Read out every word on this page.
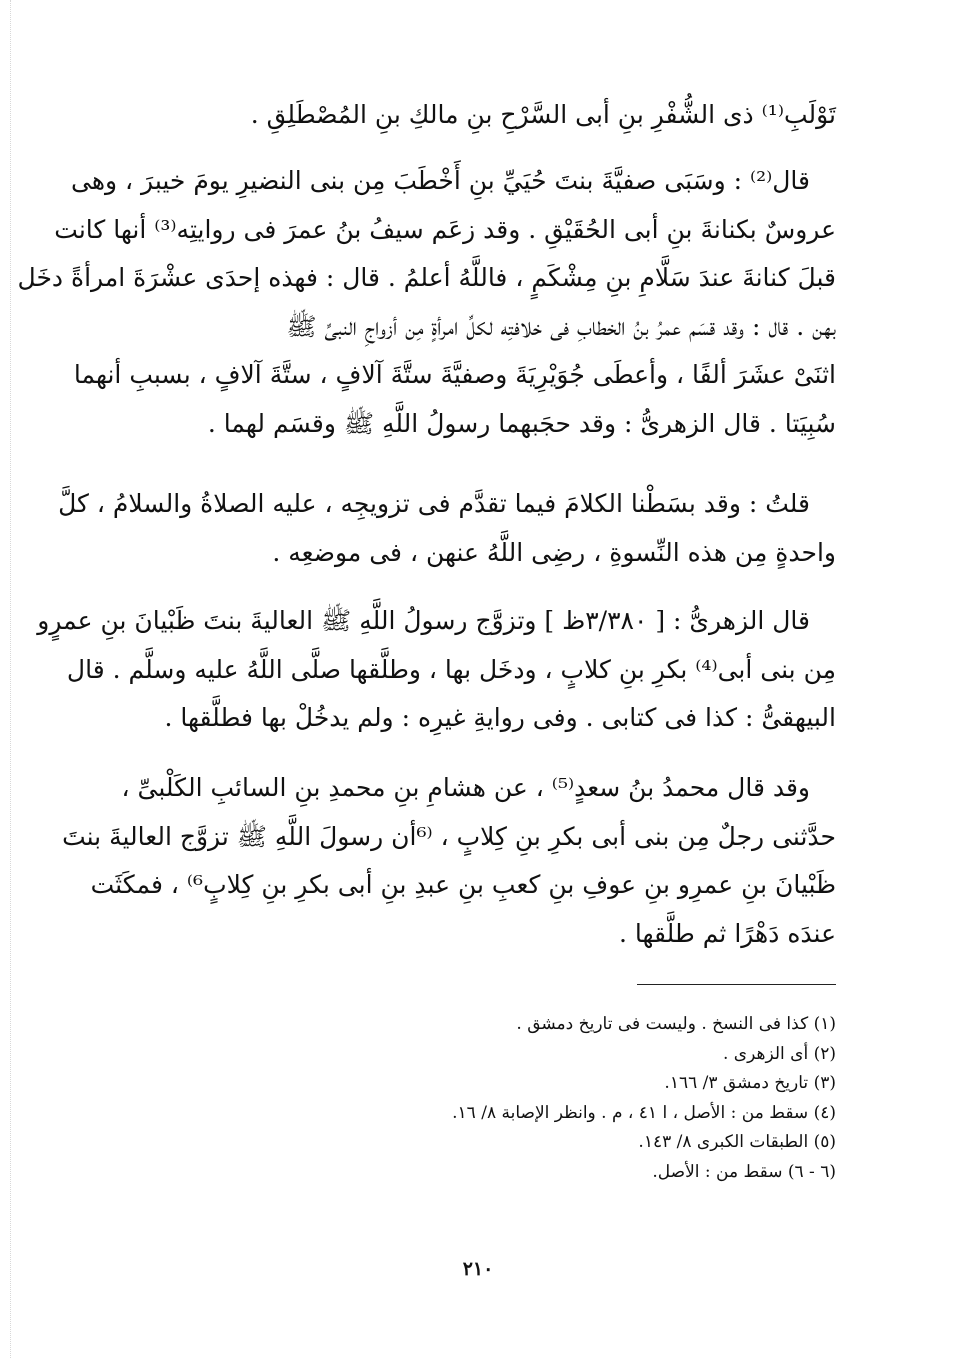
تَوْلَبِ⁽¹⁾ ذى الشُّفْرِ بنِ أبى السَّرْحِ بنِ مالكِ بنِ المُصْطَلِقِ .
قال⁽²⁾ : وسَبَى صفيَّةَ بنتَ حُيَيِّ بنِ أَخْطَبَ مِن بنى النضيرِ يومَ خيبرَ ، وهى
عروسٌ بكنانةَ بنِ أبى الحُقَيْقِ . وقد زعَم سيفُ بنُ عمرَ فى روايتِه⁽³⁾ أنها كانت
قبلَ كنانةَ عندَ سَلَّامِ بنِ مِشْكَمٍ ، فاللَّهُ أعلمُ . قال : فهذه إحدَى عشْرَةَ امرأةً دخَل
بهن . قال : وقد قسَم عمرُ بنُ الخطابِ فى خلافتِه لكلِّ امرأةٍ مِن أزواجِ النبىِّ ﷺ
اثنَىْ عشَرَ ألفًا ، وأعطَى جُوَيْرِيَةَ وصفيَّةَ ستَّةَ آلافٍ ، ستَّةَ آلافٍ ، بسببِ أنهما
سُبِيَتا . قال الزهرىُّ : وقد حجَبهما رسولُ اللَّهِ ﷺ وقسَم لهما .
قلتُ : وقد بسَطْنا الكلامَ فيما تقدَّم فى تزويجِه ، عليه الصلاةُ والسلامُ ، كلَّ
واحدةٍ مِن هذه النِّسوةِ ، رضِى اللَّهُ عنهن ، فى موضعِه .
قال الزهرىُّ : [ ٣/٣٨٠ظ ] وتزوَّج رسولُ اللَّهِ ﷺ العاليةَ بنتَ ظَبْيانَ بنِ عمرٍو
مِن بنى أبى⁽⁴⁾ بكرِ بنِ كلابٍ ، ودخَل بها ، وطلَّقها صلَّى اللَّهُ عليه وسلَّم . قال
البيهقىُّ : كذا فى كتابى . وفى روايةِ غيرِه : ولم يدخُلْ بها فطلَّقها .
وقد قال محمدُ بنُ سعدٍ⁽⁵⁾ ، عن هشامِ بنِ محمدِ بنِ السائبِ الكَلْبىِّ ،
حدَّثنى رجلٌ مِن بنى أبى بكرِ بنِ كِلابٍ ، ⁽⁶أن رسولَ اللَّهِ ﷺ تزوَّج العاليةَ بنتَ
ظَبْيانَ بنِ عمرِو بنِ عوفِ بنِ كعبِ بنِ عبدِ بنِ أبى بكرِ بنِ كِلابٍ⁶⁾ ، فمكَثَت
عندَه دَهْرًا ثم طلَّقها .
(١) كذا فى النسخ . وليست فى تاريخ دمشق .
(٢) أى الزهرى .
(٣) تاريخ دمشق ٣/ ١٦٦.
(٤) سقط من : الأصل ، ا ٤١ ، م . وانظر الإصابة ٨/ ١٦.
(٥) الطبقات الكبرى ٨/ ١٤٣.
(٦ - ٦) سقط من : الأصل.
٢١٠
